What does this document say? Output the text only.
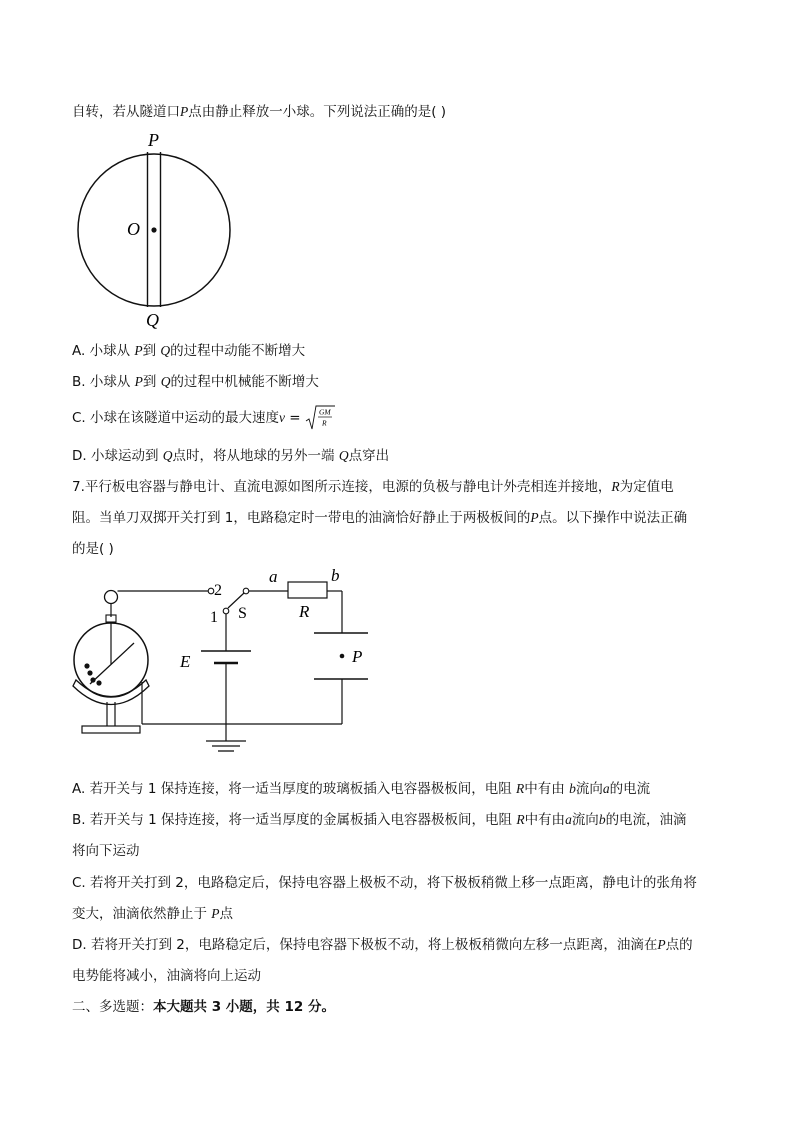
自转，若从隧道口P点由静止释放一小球。下列说法正确的是( )
P
O
Q
A. 小球从 P到 Q的过程中动能不断增大
B. 小球从 P到 Q的过程中机械能不断增大
C. 小球在该隧道中运动的最大速度v = GM
R
D. 小球运动到 Q点时，将从地球的另外一端 Q点穿出
7.平行板电容器与静电计、直流电源如图所示连接，电源的负极与静电计外壳相连并接地，R为定值电
阻。当单刀双掷开关打到 1，电路稳定时一带电的油滴恰好静止于两极板间的P点。以下操作中说法正确
的是( )
2
1 S
a	b
R
E	P
A. 若开关与 1 保持连接，将一适当厚度的玻璃板插入电容器极板间，电阻 R中有由 b流向a的电流
B. 若开关与 1 保持连接，将一适当厚度的金属板插入电容器极板间，电阻 R中有由a流向b的电流，油滴
将向下运动
C. 若将开关打到 2，电路稳定后，保持电容器上极板不动，将下极板稍微上移一点距离，静电计的张角将
变大，油滴依然静止于 P点
D. 若将开关打到 2，电路稳定后，保持电容器下极板不动，将上极板稍微向左移一点距离，油滴在P点的
电势能将减小，油滴将向上运动
二、多选题：本大题共 3 小题，共 12 分。
